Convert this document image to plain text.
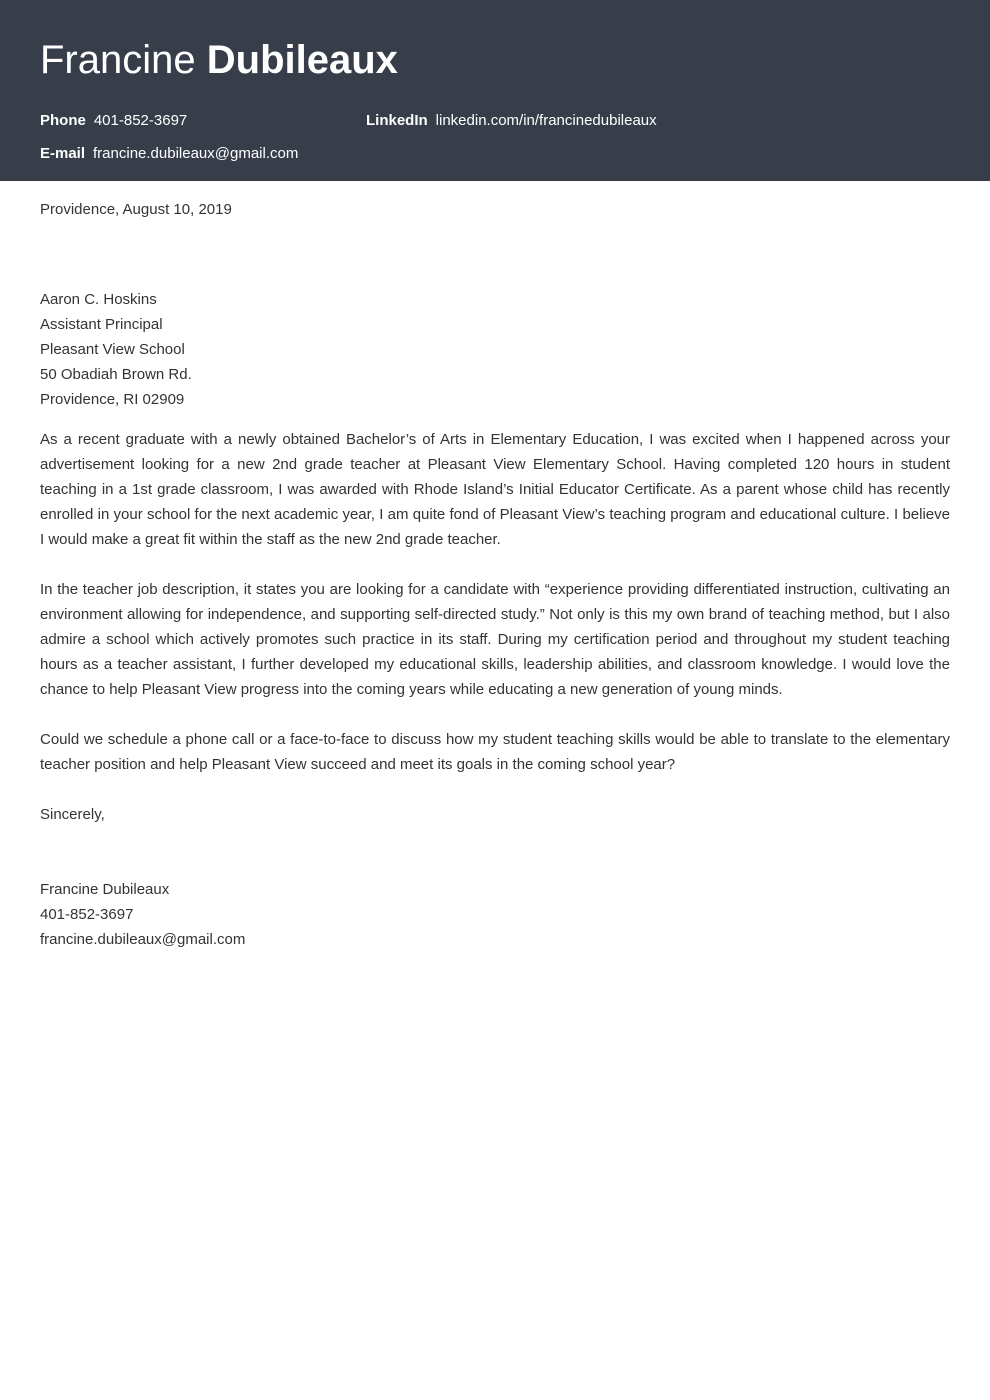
Francine Dubileaux
Phone 401-852-3697	LinkedIn linkedin.com/in/francinedubileaux
E-mail francine.dubileaux@gmail.com
Providence, August 10, 2019
Aaron C. Hoskins
Assistant Principal
Pleasant View School
50 Obadiah Brown Rd.
Providence, RI 02909

As a recent graduate with a newly obtained Bachelor’s of Arts in Elementary Education, I was excited when I happened across your advertisement looking for a new 2nd grade teacher at Pleasant View Elementary School. Having completed 120 hours in student teaching in a 1st grade classroom, I was awarded with Rhode Island’s Initial Educator Certificate. As a parent whose child has recently enrolled in your school for the next academic year, I am quite fond of Pleasant View’s teaching program and educational culture. I believe I would make a great fit within the staff as the new 2nd grade teacher.

In the teacher job description, it states you are looking for a candidate with “experience providing differentiated instruction, cultivating an environment allowing for independence, and supporting self-directed study.” Not only is this my own brand of teaching method, but I also admire a school which actively promotes such practice in its staff. During my certification period and throughout my student teaching hours as a teacher assistant, I further developed my educational skills, leadership abilities, and classroom knowledge. I would love the chance to help Pleasant View progress into the coming years while educating a new generation of young minds.

Could we schedule a phone call or a face-to-face to discuss how my student teaching skills would be able to translate to the elementary teacher position and help Pleasant View succeed and meet its goals in the coming school year?

Sincerely,
Francine Dubileaux
401-852-3697
francine.dubileaux@gmail.com
